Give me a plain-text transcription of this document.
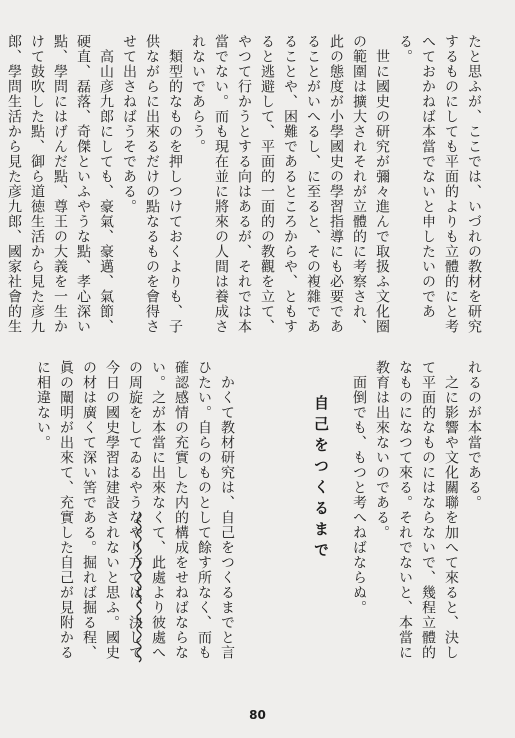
たと思ふが、ここでは、いづれの教材を研究するものにしても平面的よりも立體的にと考へておかねば本當でないと申したいのである。
　世に國史の研究が彌々進んで取扱ふ文化圈の範圍は擴大されそれが立體的に考察され、此の態度が小學國史の學習指導にも必要であることがいへるし、に至ると、その複雜であることや、困難であるところからや、ともすると逃避して、平面的一面的の教觀を立て、やつて行かうとする向はあるが、それでは本當でない。而も現在並に將來の人間は養成されないであらう。
　類型的なものを押しつけておくよりも、子供ながらに出來るだけの點なるものを會得させて出さねばうそである。
　高山彦九郎にしても、豪氣、豪邁、氣節、硬直、磊落、奇傑といふやうな點、孝心深い點、學問にはげんだ點、尊王の大義を一生かけて鼓吹した點、御ら道徳生活から見た彦九郎、學問生活から見た彦九郎、國家社會的生

れるのが本當である。
　之に影響や文化關聯を加へて來ると、決して平面的なものにはならないで、幾程立體的なものになつて來る。それでないと、本當に教育は出來ないのである。
　面倒でも、もつと考へねばならぬ。
自己をつくるまで
　かくて教材研究は、自己をつくるまでと言ひたい。自らのものとして餘す所なく、而も確認感情の充實した内的構成をせねばならない。之が本當に出來なくて、此處より彼處への周旋をしてゐるやうなやり方では、決して今日の國史學習は建設されないと思ふ。國史の材は廣くて深い筈である。掘れば掘る程、眞の闡明が出來て、充實した自己が見附かるに相違ない。
80
